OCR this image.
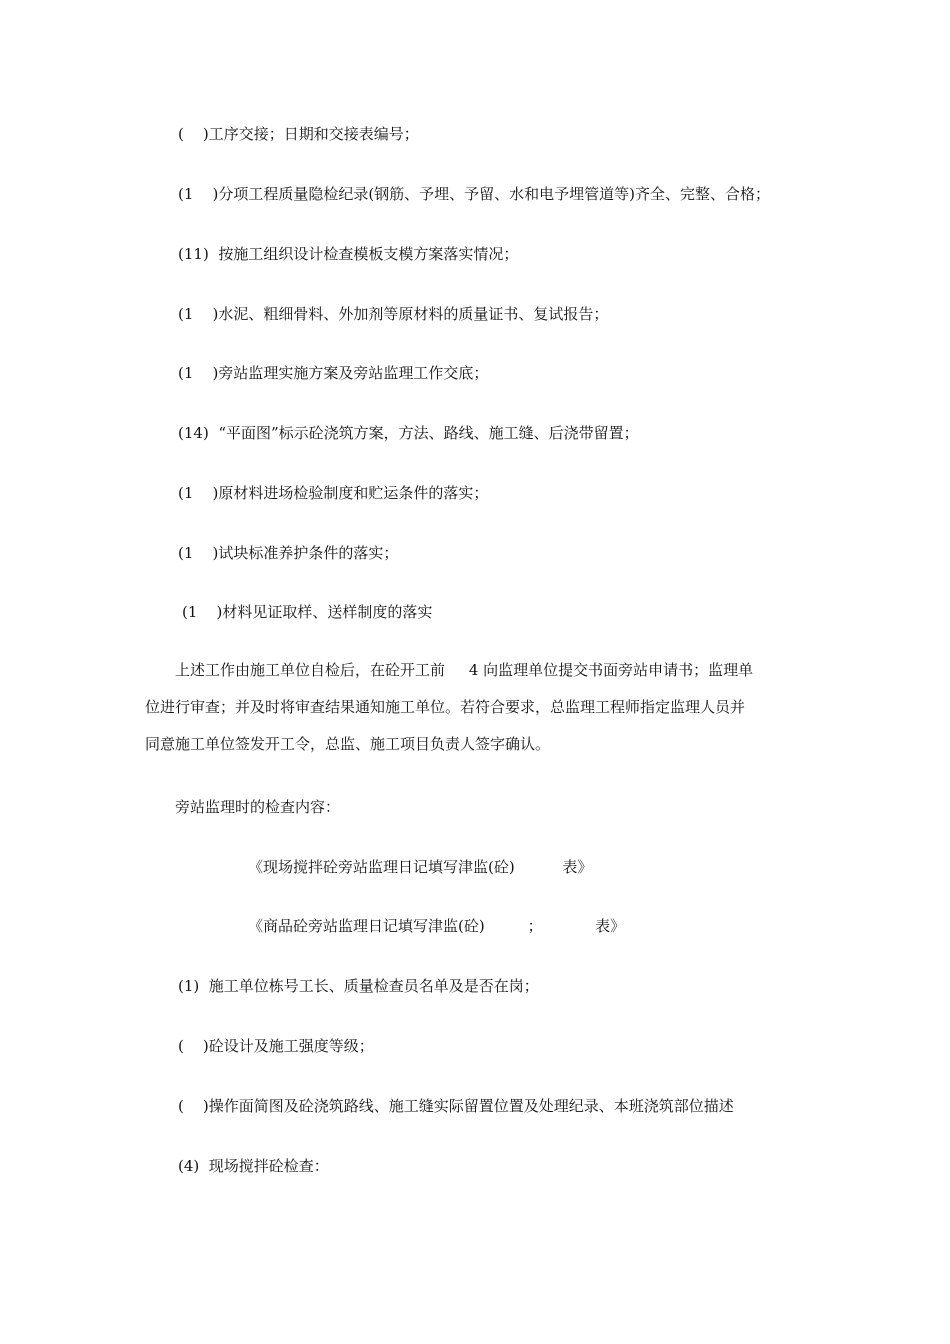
(    )工序交接；日期和交接表编号；
(1    )分项工程质量隐检纪录(钢筋、予埋、予留、水和电予埋管道等)齐全、完整、合格；
(11)  按施工组织设计检查模板支模方案落实情况；
(1    )水泥、粗细骨料、外加剂等原材料的质量证书、复试报告；
(1    )旁站监理实施方案及旁站监理工作交底；
(14)  “平面图”标示砼浇筑方案，方法、路线、施工缝、后浇带留置；
(1    )原材料进场检验制度和贮运条件的落实；
(1    )试块标准养护条件的落实；
(1    )材料见证取样、送样制度的落实
上述工作由施工单位自检后，在砼开工前     4 向监理单位提交书面旁站申请书；监理单
位进行审查；并及时将审查结果通知施工单位。若符合要求，总监理工程师指定监理人员并
同意施工单位签发开工令，总监、施工项目负责人签字确认。
旁站监理时的检查内容：
《现场搅拌砼旁站监理日记填写津监(砼)          表》
《商品砼旁站监理日记填写津监(砼)         ；           表》
(1)  施工单位栋号工长、质量检查员名单及是否在岗；
(    )砼设计及施工强度等级；
(    )操作面简图及砼浇筑路线、施工缝实际留置位置及处理纪录、本班浇筑部位描述
(4)  现场搅拌砼检查：
